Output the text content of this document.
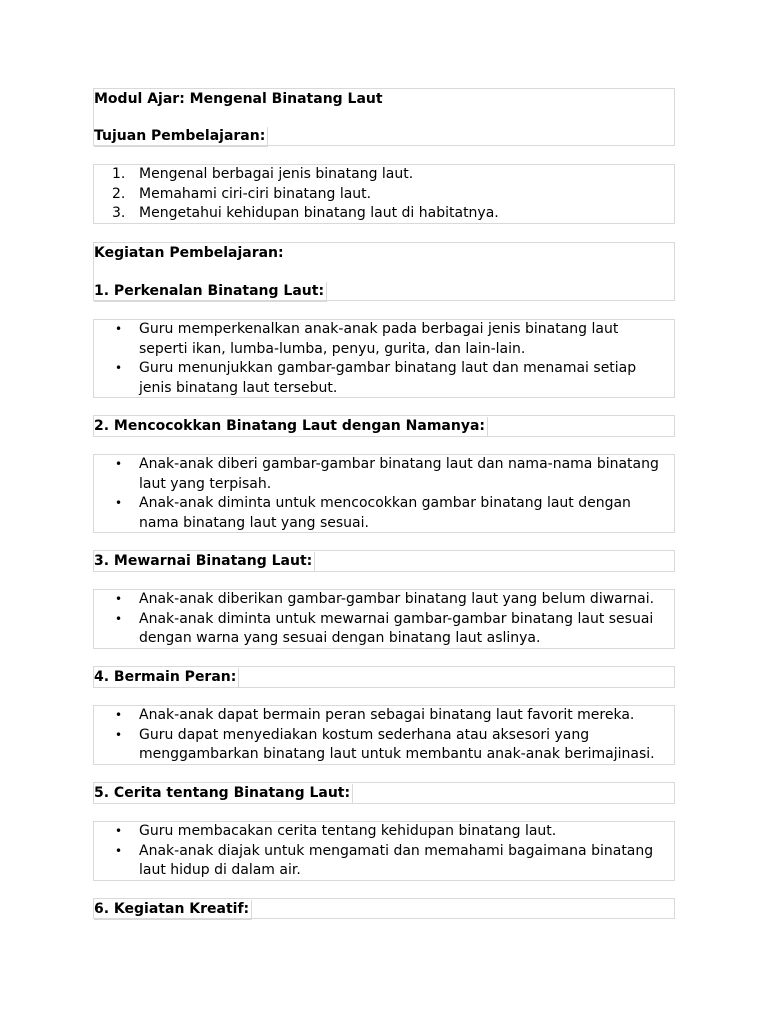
Modul Ajar: Mengenal Binatang Laut
Tujuan Pembelajaran:
1. Mengenal berbagai jenis binatang laut.
2. Memahami ciri-ciri binatang laut.
3. Mengetahui kehidupan binatang laut di habitatnya.
Kegiatan Pembelajaran:
1. Perkenalan Binatang Laut:
• Guru memperkenalkan anak-anak pada berbagai jenis binatang laut seperti ikan, lumba-lumba, penyu, gurita, dan lain-lain.
• Guru menunjukkan gambar-gambar binatang laut dan menamai setiap jenis binatang laut tersebut.
2. Mencocokkan Binatang Laut dengan Namanya:
• Anak-anak diberi gambar-gambar binatang laut dan nama-nama binatang laut yang terpisah.
• Anak-anak diminta untuk mencocokkan gambar binatang laut dengan nama binatang laut yang sesuai.
3. Mewarnai Binatang Laut:
• Anak-anak diberikan gambar-gambar binatang laut yang belum diwarnai.
• Anak-anak diminta untuk mewarnai gambar-gambar binatang laut sesuai dengan warna yang sesuai dengan binatang laut aslinya.
4. Bermain Peran:
• Anak-anak dapat bermain peran sebagai binatang laut favorit mereka.
• Guru dapat menyediakan kostum sederhana atau aksesori yang menggambarkan binatang laut untuk membantu anak-anak berimajinasi.
5. Cerita tentang Binatang Laut:
• Guru membacakan cerita tentang kehidupan binatang laut.
• Anak-anak diajak untuk mengamati dan memahami bagaimana binatang laut hidup di dalam air.
6. Kegiatan Kreatif:
